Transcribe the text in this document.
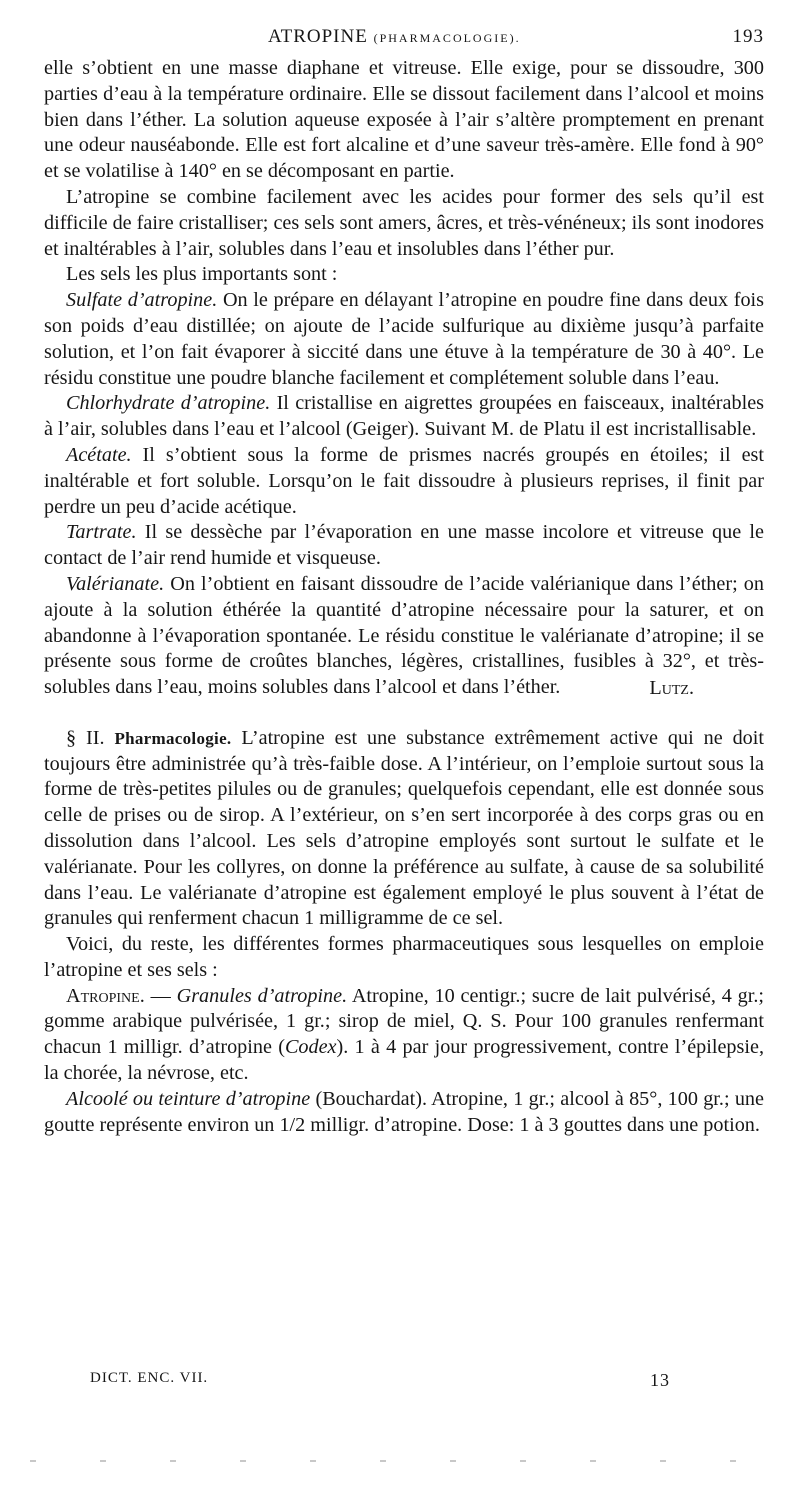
ATROPINE (PHARMACOLOGIE).	193

elle s’obtient en une masse diaphane et vitreuse. Elle exige, pour se dissoudre, 300 parties d’eau à la température ordinaire. Elle se dissout facilement dans l’alcool et moins bien dans l’éther. La solution aqueuse exposée à l’air s’altère promptement en prenant une odeur nauséabonde. Elle est fort alcaline et d’une saveur très-amère. Elle fond à 90° et se volatilise à 140° en se décomposant en partie.

L’atropine se combine facilement avec les acides pour former des sels qu’il est difficile de faire cristalliser; ces sels sont amers, âcres, et très-vénéneux; ils sont inodores et inaltérables à l’air, solubles dans l’eau et insolubles dans l’éther pur.

Les sels les plus importants sont :

Sulfate d’atropine. On le prépare en délayant l’atropine en poudre fine dans deux fois son poids d’eau distillée; on ajoute de l’acide sulfurique au dixième jusqu’à parfaite solution, et l’on fait évaporer à siccité dans une étuve à la température de 30 à 40°. Le résidu constitue une poudre blanche facilement et complétement soluble dans l’eau.

Chlorhydrate d’atropine. Il cristallise en aigrettes groupées en faisceaux, inaltérables à l’air, solubles dans l’eau et l’alcool (Geiger). Suivant M. de Platu il est incristallisable.

Acétate. Il s’obtient sous la forme de prismes nacrés groupés en étoiles; il est inaltérable et fort soluble. Lorsqu’on le fait dissoudre à plusieurs reprises, il finit par perdre un peu d’acide acétique.

Tartrate. Il se dessèche par l’évaporation en une masse incolore et vitreuse que le contact de l’air rend humide et visqueuse.

Valérianate. On l’obtient en faisant dissoudre de l’acide valérianique dans l’éther; on ajoute à la solution éthérée la quantité d’atropine nécessaire pour la saturer, et on abandonne à l’évaporation spontanée. Le résidu constitue le valérianate d’atropine; il se présente sous forme de croûtes blanches, légères, cristallines, fusibles à 32°, et très-solubles dans l’eau, moins solubles dans l’alcool et dans l’éther.	Lutz.

§ II. Pharmacologie. L’atropine est une substance extrêmement active qui ne doit toujours être administrée qu’à très-faible dose. A l’intérieur, on l’emploie surtout sous la forme de très-petites pilules ou de granules; quelquefois cependant, elle est donnée sous celle de prises ou de sirop. A l’extérieur, on s’en sert incorporée à des corps gras ou en dissolution dans l’alcool. Les sels d’atropine employés sont surtout le sulfate et le valérianate. Pour les collyres, on donne la préférence au sulfate, à cause de sa solubilité dans l’eau. Le valérianate d’atropine est également employé le plus souvent à l’état de granules qui renferment chacun 1 milligramme de ce sel.

Voici, du reste, les différentes formes pharmaceutiques sous lesquelles on emploie l’atropine et ses sels :

Atropine. — Granules d’atropine. Atropine, 10 centigr.; sucre de lait pulvérisé, 4 gr.; gomme arabique pulvérisée, 1 gr.; sirop de miel, Q. S. Pour 100 granules renfermant chacun 1 milligr. d’atropine (Codex). 1 à 4 par jour progressivement, contre l’épilepsie, la chorée, la névrose, etc.

Alcoolé ou teinture d’atropine (Bouchardat). Atropine, 1 gr.; alcool à 85°, 100 gr.; une goutte représente environ un 1/2 milligr. d’atropine. Dose: 1 à 3 gouttes dans une potion.

DICT. ENC. VII.	13
